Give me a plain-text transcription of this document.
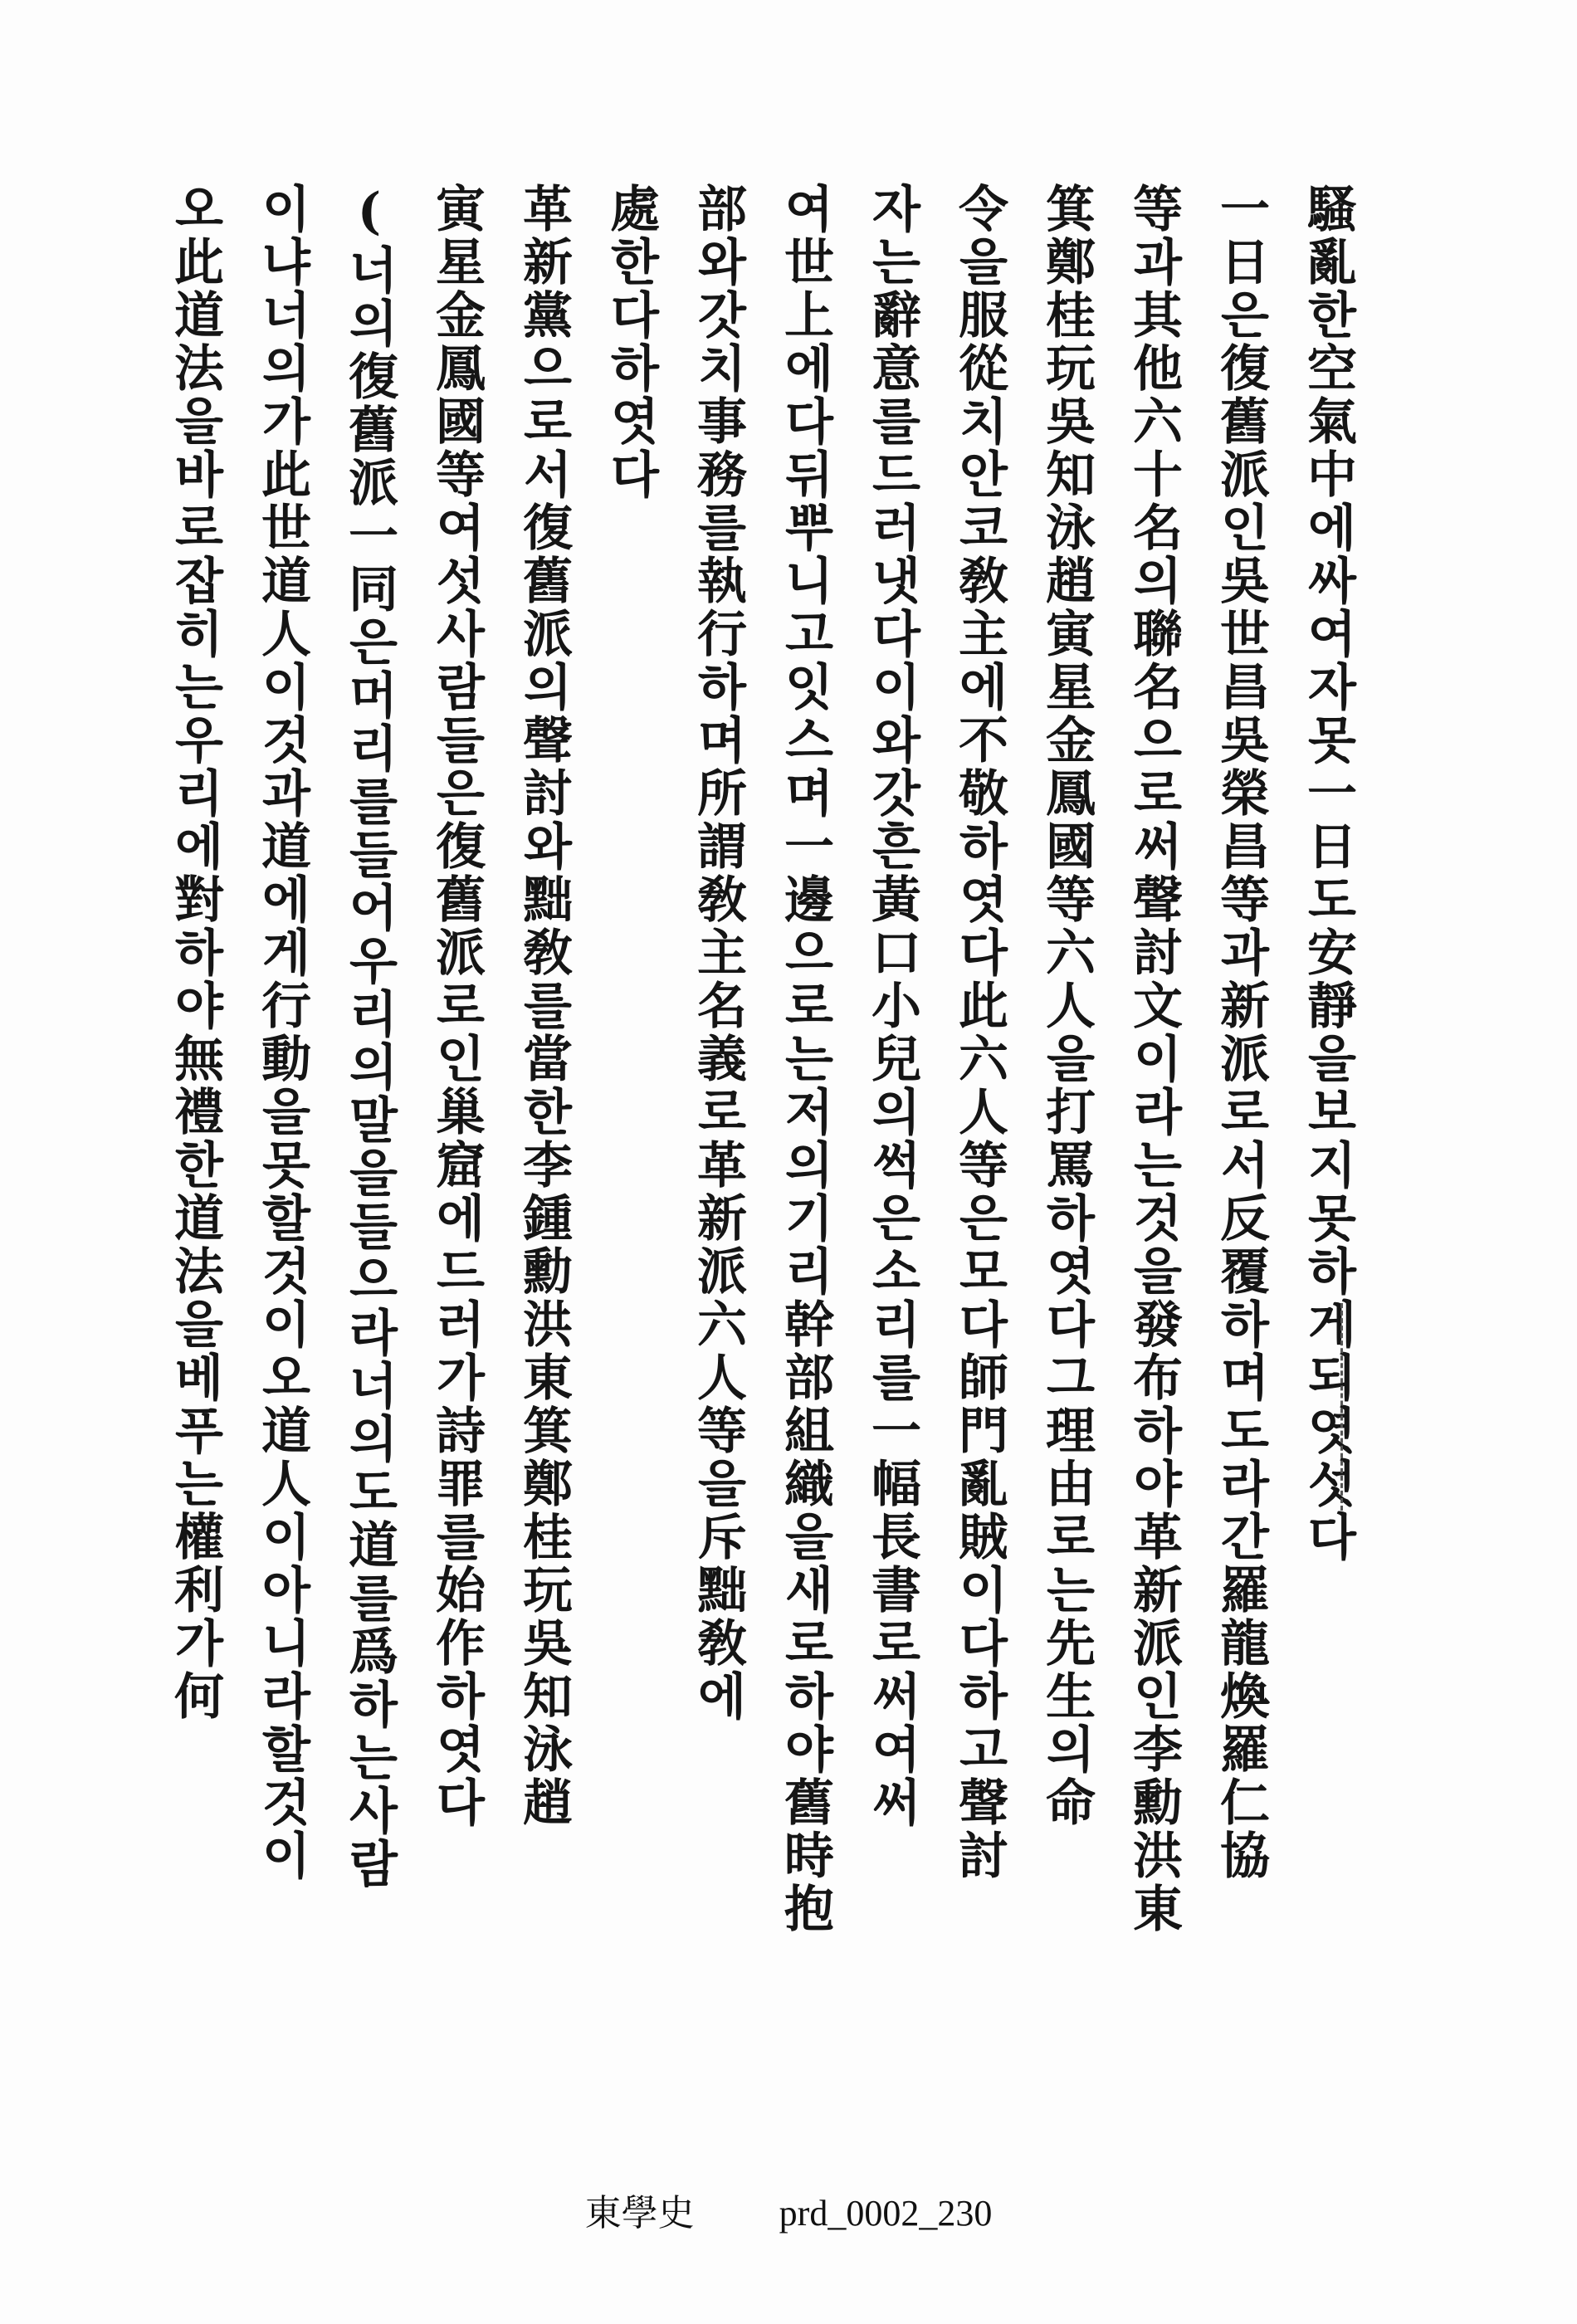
騷亂한空氣中에싸여자못一日도安靜을보지못하게되엿섯다
一日은復舊派인吳世昌吳榮昌等과新派로서反覆하며도라간羅龍煥羅仁協
等과其他六十名의聯名으로써聲討文이라는것을發布하야革新派인李勳洪東
箕鄭桂玩吳知泳趙寅星金鳳國等六人을打罵하엿다그理由로는先生의命
令을服從치안코敎主에不敬하엿다此六人等은모다師門亂賊이다하고聲討
자는辭意를드러냇다이와갓흔黃口小兒의썩은소리를一幅長書로써여써
여世上에다뒤뿌니고잇스며一邊으로는저의기리幹部組織을새로하야舊時抱
部와갓치事務를執行하며所謂敎主名義로革新派六人等을斥黜敎에
處한다하엿다
革新黨으로서復舊派의聲討와黜敎를當한李鍾勳洪東箕鄭桂玩吳知泳趙
寅星金鳳國等여섯사람들은復舊派로인巢窟에드러가詩罪를始作하엿다
(너의復舊派一同은머리를들어우리의말을들으라너의도道를爲하는사람
이냐너의가此世道人이것과道에게行動을못할것이오道人이아니라할것이
오此道法을바로잡히는우리에對하야無禮한道法을베푸는權利가何
東學史 prd_0002_230
